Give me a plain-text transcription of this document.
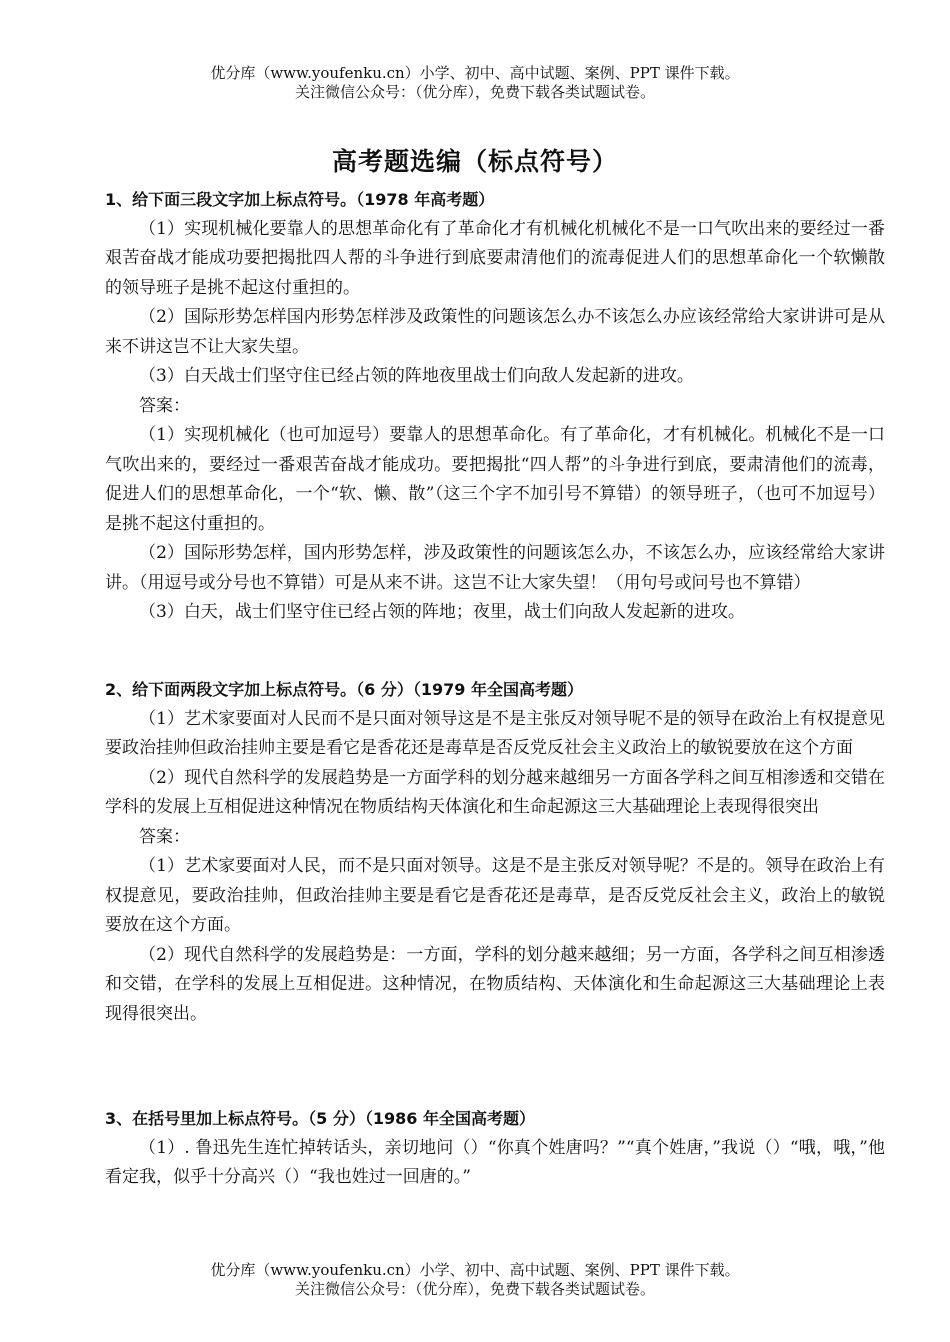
优分库（www.youfenku.cn）小学、初中、高中试题、案例、PPT 课件下载。
关注微信公众号：（优分库），免费下载各类试题试卷。
高考题选编（标点符号）

1、给下面三段文字加上标点符号。（1978 年高考题）

（1）实现机械化要靠人的思想革命化有了革命化才有机械化机械化不是一口气吹出来的要经过一番艰苦奋战才能成功要把揭批四人帮的斗争进行到底要肃清他们的流毒促进人们的思想革命化一个软懒散的领导班子是挑不起这付重担的。

（2）国际形势怎样国内形势怎样涉及政策性的问题该怎么办不该怎么办应该经常给大家讲讲可是从来不讲这岂不让大家失望。

（3）白天战士们坚守住已经占领的阵地夜里战士们向敌人发起新的进攻。

答案：

（1）实现机械化（也可加逗号）要靠人的思想革命化。有了革命化，才有机械化。机械化不是一口气吹出来的，要经过一番艰苦奋战才能成功。要把揭批“四人帮”的斗争进行到底，要肃清他们的流毒，促进人们的思想革命化，一个“软、懒、散”（这三个字不加引号不算错）的领导班子，（也可不加逗号）是挑不起这付重担的。

（2）国际形势怎样，国内形势怎样，涉及政策性的问题该怎么办，不该怎么办，应该经常给大家讲讲。（用逗号或分号也不算错）可是从来不讲。这岂不让大家失望！（用句号或问号也不算错）

（3）白天，战士们坚守住已经占领的阵地；夜里，战士们向敌人发起新的进攻。

2、给下面两段文字加上标点符号。（6 分）（1979 年全国高考题）

（1）艺术家要面对人民而不是只面对领导这是不是主张反对领导呢不是的领导在政治上有权提意见要政治挂帅但政治挂帅主要是看它是香花还是毒草是否反党反社会主义政治上的敏锐要放在这个方面

（2）现代自然科学的发展趋势是一方面学科的划分越来越细另一方面各学科之间互相渗透和交错在学科的发展上互相促进这种情况在物质结构天体演化和生命起源这三大基础理论上表现得很突出

答案：

（1）艺术家要面对人民，而不是只面对领导。这是不是主张反对领导呢？不是的。领导在政治上有权提意见，要政治挂帅，但政治挂帅主要是看它是香花还是毒草，是否反党反社会主义，政治上的敏锐要放在这个方面。

（2）现代自然科学的发展趋势是：一方面，学科的划分越来越细；另一方面，各学科之间互相渗透和交错，在学科的发展上互相促进。这种情况，在物质结构、天体演化和生命起源这三大基础理论上表现得很突出。

3、在括号里加上标点符号。（5 分）（1986 年全国高考题）

（1）. 鲁迅先生连忙掉转话头，亲切地问（）“你真个姓唐吗？”“真个姓唐，”我说（）“哦，哦，”他看定我，似乎十分高兴（）“我也姓过一回唐的。”

优分库（www.youfenku.cn）小学、初中、高中试题、案例、PPT 课件下载。
关注微信公众号：（优分库），免费下载各类试题试卷。
